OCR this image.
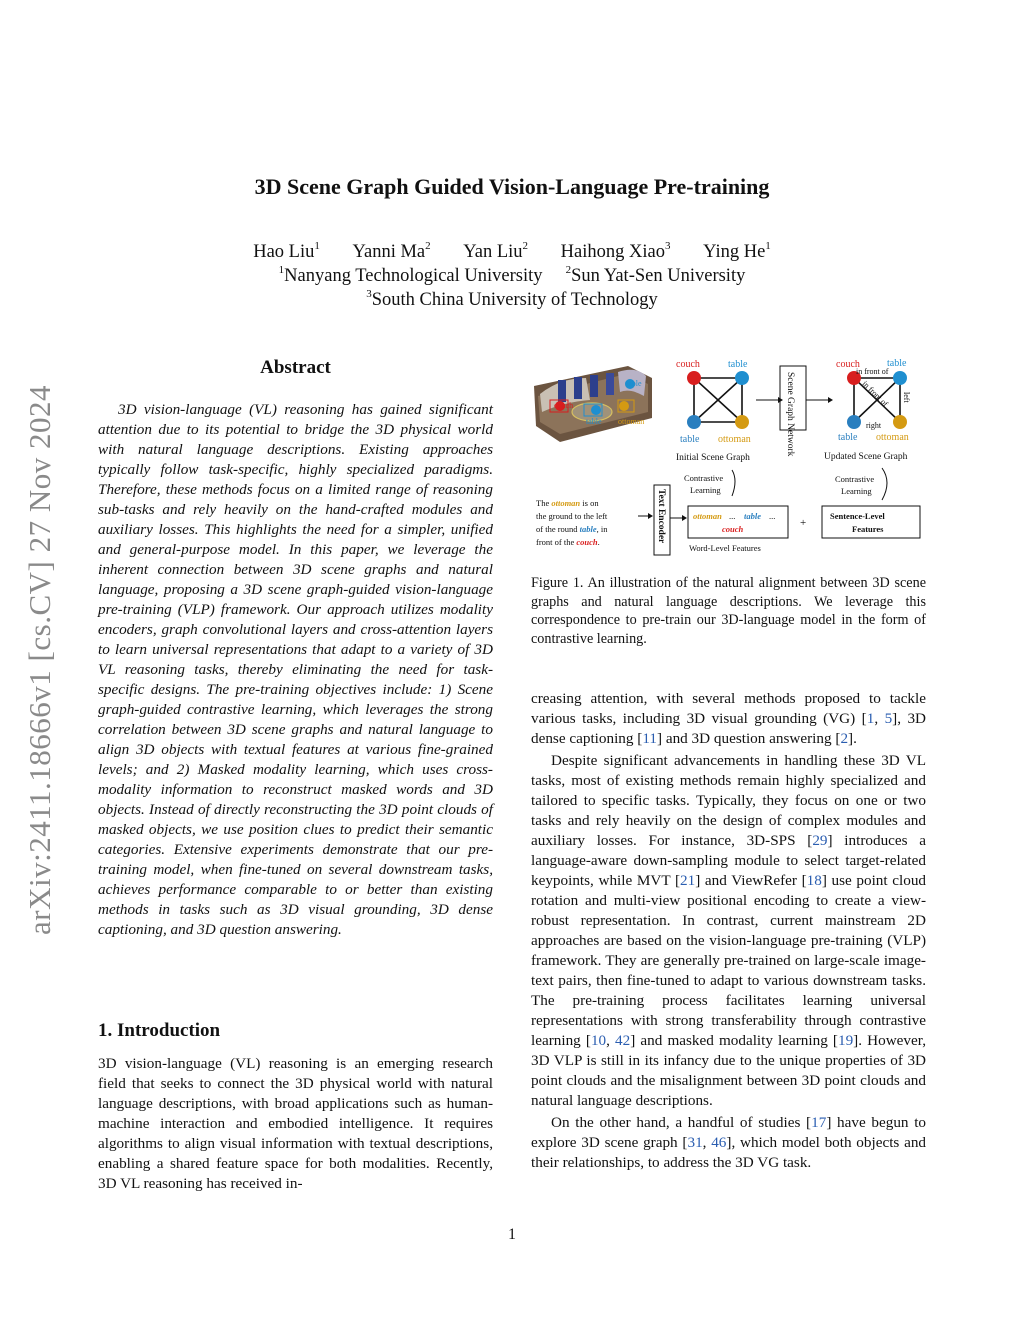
3D Scene Graph Guided Vision-Language Pre-training
Hao Liu$^1$ Yanni Ma$^2$ Yan Liu$^2$ Haihong Xiao$^3$ Ying He$^1$
$^1$Nanyang Technological University $^2$Sun Yat-Sen University
$^3$South China University of Technology
arXiv:2411.18666v1 [cs.CV] 27 Nov 2024
Abstract
3D vision-language (VL) reasoning has gained significant attention due to its potential to bridge the 3D physical world with natural language descriptions. Existing approaches typically follow task-specific, highly specialized paradigms. Therefore, these methods focus on a limited range of reasoning sub-tasks and rely heavily on the hand-crafted modules and auxiliary losses. This highlights the need for a simpler, unified and general-purpose model. In this paper, we leverage the inherent connection between 3D scene graphs and natural language, proposing a 3D scene graph-guided vision-language pre-training (VLP) framework. Our approach utilizes modality encoders, graph convolutional layers and cross-attention layers to learn universal representations that adapt to a variety of 3D VL reasoning tasks, thereby eliminating the need for task-specific designs. The pre-training objectives include: 1) Scene graph-guided contrastive learning, which leverages the strong correlation between 3D scene graphs and natural language to align 3D objects with textual features at various fine-grained levels; and 2) Masked modality learning, which uses cross-modality information to reconstruct masked words and 3D objects. Instead of directly reconstructing the 3D point clouds of masked objects, we use position clues to predict their semantic categories. Extensive experiments demonstrate that our pre-training model, when fine-tuned on several downstream tasks, achieves performance comparable to or better than existing methods in tasks such as 3D visual grounding, 3D dense captioning, and 3D question answering.
1. Introduction
3D vision-language (VL) reasoning is an emerging research field that seeks to connect the 3D physical world with natural language descriptions, with broad applications such as human-machine interaction and embodied intelligence. It requires algorithms to align visual information with textual descriptions, enabling a shared feature space for both modalities. Recently, 3D VL reasoning has received in-
couch
table
table ottoman
couch	table
table ottoman
Initial Scene Graph
Scene Graph Network
couch	table
in front of
in front of left
right
table ottoman
Updated Scene Graph
Contrastive
Learning
Contrastive
Learning
The ottoman is on
the ground to the left
of the round table, in
front of the couch.	Text Encoder	ottoman ... table ...
couch
Word-Level Features
+
Sentence-Level
Features
Figure 1. An illustration of the natural alignment between 3D scene graphs and natural language descriptions. We leverage this correspondence to pre-train our 3D-language model in the form of contrastive learning.

creasing attention, with several methods proposed to tackle various tasks, including 3D visual grounding (VG) [1, 5], 3D dense captioning [11] and 3D question answering [2].

Despite significant advancements in handling these 3D VL tasks, most of existing methods remain highly specialized and tailored to specific tasks. Typically, they focus on one or two tasks and rely heavily on the design of complex modules and auxiliary losses. For instance, 3D-SPS [29] introduces a language-aware down-sampling module to select target-related keypoints, while MVT [21] and ViewRefer [18] use point cloud rotation and multi-view positional encoding to create a view-robust representation. In contrast, current mainstream 2D approaches are based on the vision-language pre-training (VLP) framework. They are generally pre-trained on large-scale image-text pairs, then fine-tuned to adapt to various downstream tasks. The pre-training process facilitates learning universal representations with strong transferability through contrastive learning [10, 42] and masked modality learning [19]. However, 3D VLP is still in its infancy due to the unique properties of 3D point clouds and the misalignment between 3D point clouds and natural language descriptions.

On the other hand, a handful of studies [17] have begun to explore 3D scene graph [31, 46], which model both objects and their relationships, to address the 3D VG task.

1
